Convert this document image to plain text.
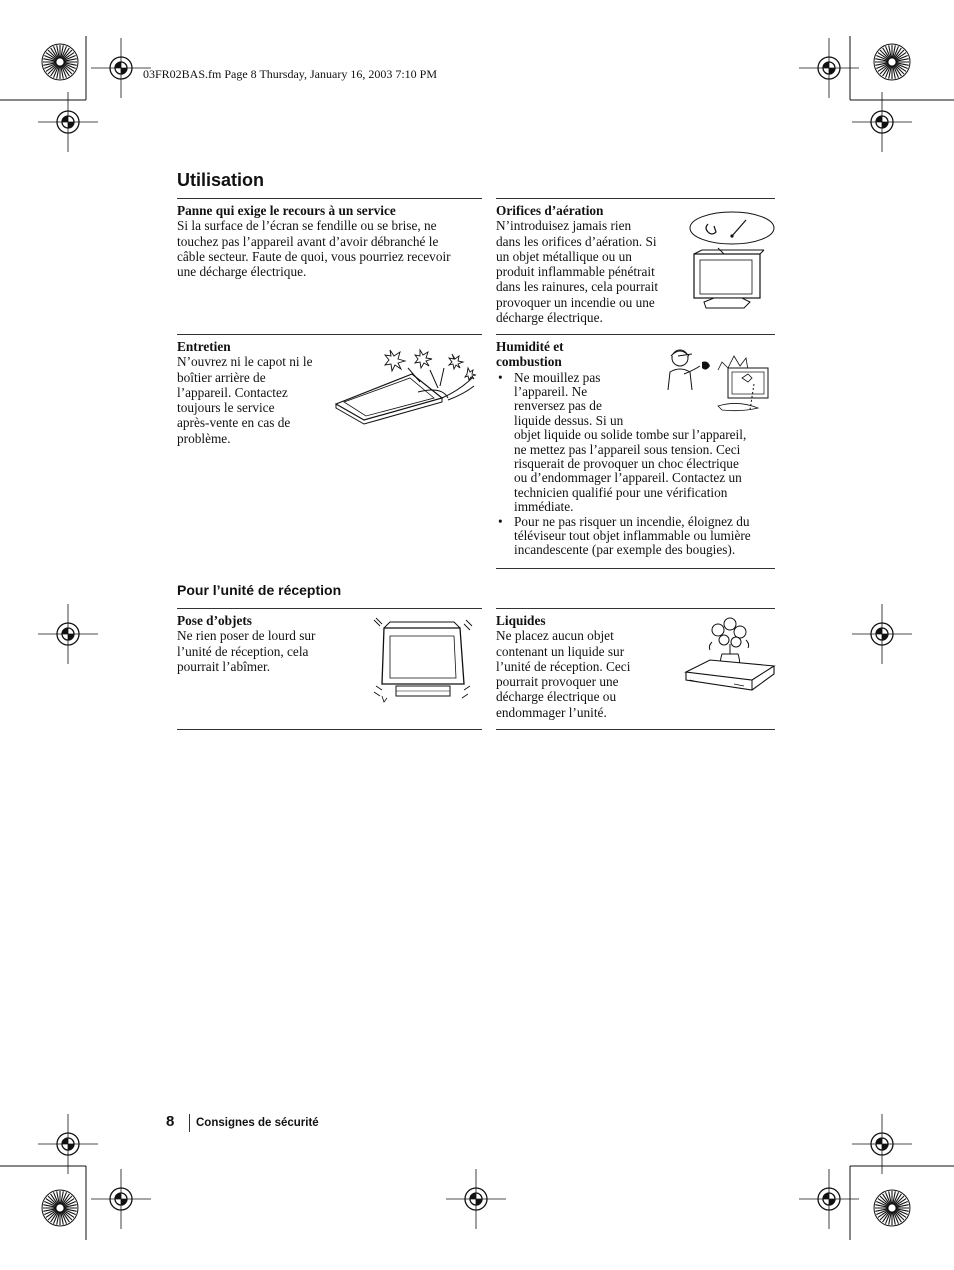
03FR02BAS.fm Page 8 Thursday, January 16, 2003 7:10 PM
Utilisation
Panne qui exige le recours à un service

Si la surface de l’écran se fendille ou se brise, ne

touchez pas l’appareil avant d’avoir débranché le

câble secteur. Faute de quoi, vous pourriez recevoir

une décharge électrique.

Orifices d’aération

N’introduisez jamais rien

dans les orifices d’aération. Si

un objet métallique ou un

produit inflammable pénétrait

dans les rainures, cela pourrait

provoquer un incendie ou une

décharge électrique.

Entretien

N’ouvrez ni le capot ni le

boîtier arrière de

l’appareil. Contactez

toujours le service

après-vente en cas de

problème.

Humidité et
combustion
• Ne mouillez pas
l’appareil. Ne
renversez pas de
liquide dessus. Si un
objet liquide ou solide tombe sur l’appareil,
ne mettez pas l’appareil sous tension. Ceci
risquerait de provoquer un choc électrique
ou d’endommager l’appareil. Contactez un
technicien qualifié pour une vérification
immédiate.
• Pour ne pas risquer un incendie, éloignez du
téléviseur tout objet inflammable ou lumière
incandescente (par exemple des bougies).
Pour l’unité de réception
Pose d’objets

Ne rien poser de lourd sur

l’unité de réception, cela

pourrait l’abîmer.

Liquides

Ne placez aucun objet

contenant un liquide sur

l’unité de réception. Ceci

pourrait provoquer une

décharge électrique ou

endommager l’unité.

8 Consignes de sécurité
